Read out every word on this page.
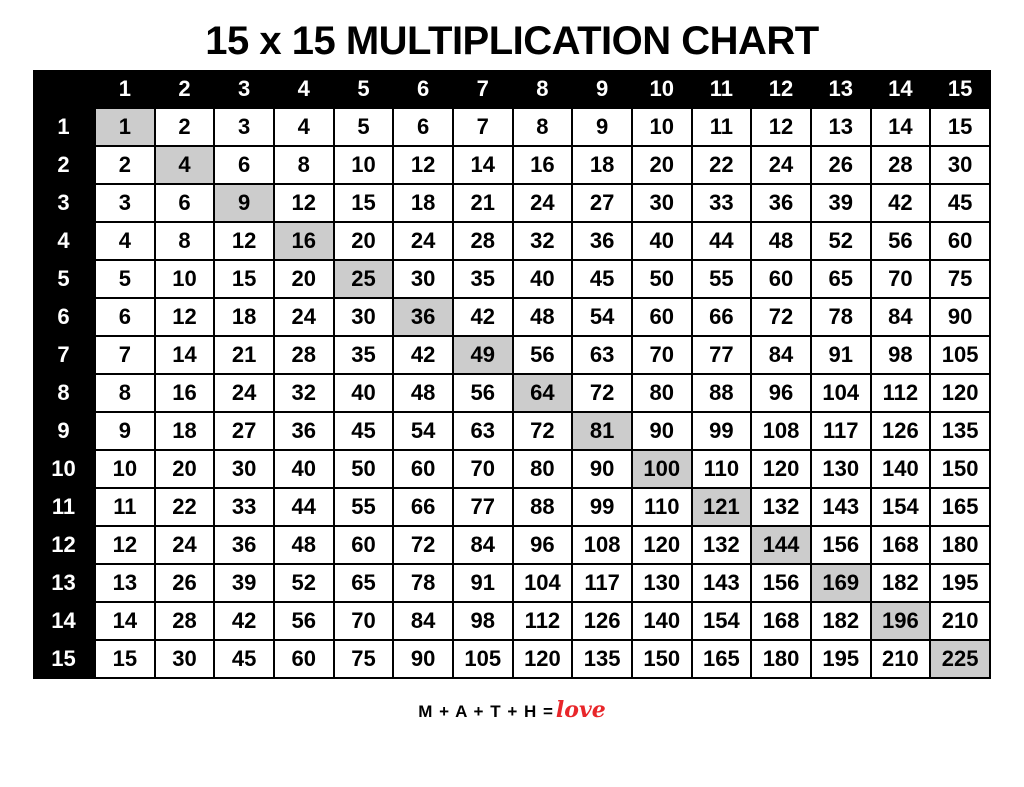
15 x 15 MULTIPLICATION CHART
	1	2	3	4	5	6	7	8	9	10	11	12	13	14	15
1	1	2	3	4	5	6	7	8	9	10	11	12	13	14	15
2	2	4	6	8	10	12	14	16	18	20	22	24	26	28	30
3	3	6	9	12	15	18	21	24	27	30	33	36	39	42	45
4	4	8	12	16	20	24	28	32	36	40	44	48	52	56	60
5	5	10	15	20	25	30	35	40	45	50	55	60	65	70	75
6	6	12	18	24	30	36	42	48	54	60	66	72	78	84	90
7	7	14	21	28	35	42	49	56	63	70	77	84	91	98	105
8	8	16	24	32	40	48	56	64	72	80	88	96	104	112	120
9	9	18	27	36	45	54	63	72	81	90	99	108	117	126	135
10	10	20	30	40	50	60	70	80	90	100	110	120	130	140	150
11	11	22	33	44	55	66	77	88	99	110	121	132	143	154	165
12	12	24	36	48	60	72	84	96	108	120	132	144	156	168	180
13	13	26	39	52	65	78	91	104	117	130	143	156	169	182	195
14	14	28	42	56	70	84	98	112	126	140	154	168	182	196	210
15	15	30	45	60	75	90	105	120	135	150	165	180	195	210	225
M + A + T + H =love
